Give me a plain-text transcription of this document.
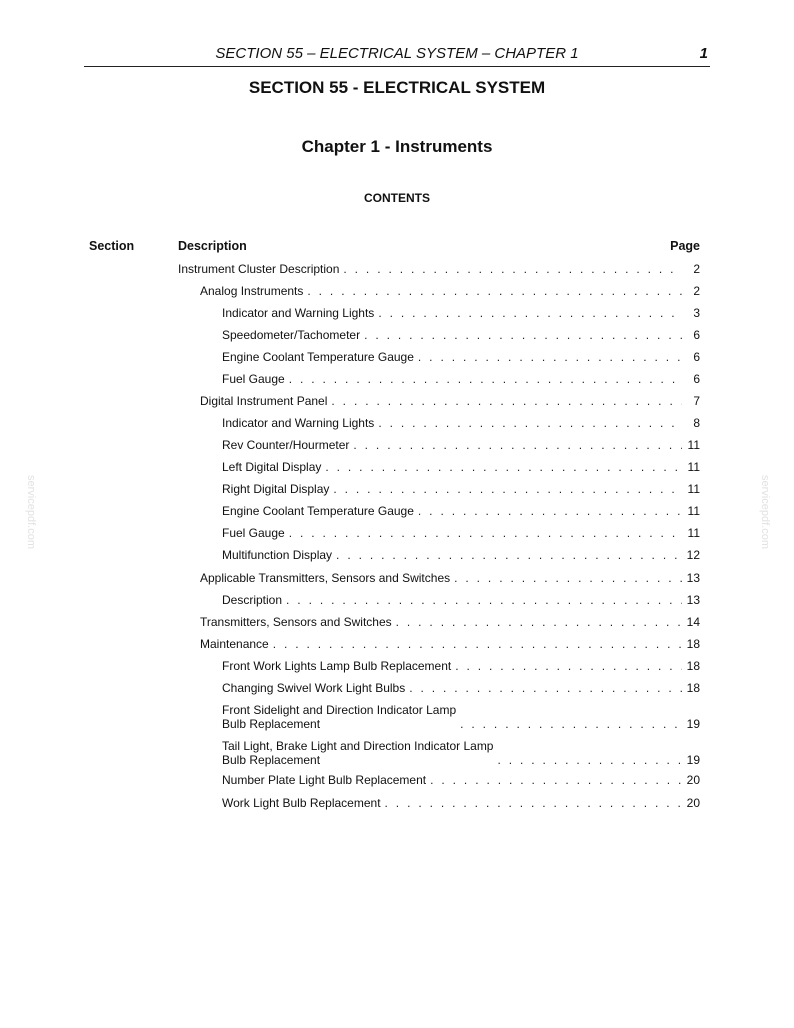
SECTION 55 – ELECTRICAL SYSTEM – CHAPTER 1	1
SECTION 55 - ELECTRICAL SYSTEM
Chapter 1 - Instruments
CONTENTS
Section	Description	Page
Instrument Cluster Description . . .	2
Analog Instruments . . .	2
Indicator and Warning Lights . . .	3
Speedometer/Tachometer . . .	6
Engine Coolant Temperature Gauge . . .	6
Fuel Gauge . . .	6
Digital Instrument Panel . . .	7
Indicator and Warning Lights . . .	8
Rev Counter/Hourmeter . . .	11
Left Digital Display . . .	11
Right Digital Display . . .	11
Engine Coolant Temperature Gauge . . .	11
Fuel Gauge . . .	11
Multifunction Display . . .	12
Applicable Transmitters, Sensors and Switches . . .	13
Description . . .	13
Transmitters, Sensors and Switches . . .	14
Maintenance . . .	18
Front Work Lights Lamp Bulb Replacement . . .	18
Changing Swivel Work Light Bulbs . . .	18
Front Sidelight and Direction Indicator Lamp
Bulb Replacement . . .	19
Tail Light, Brake Light and Direction Indicator Lamp
Bulb Replacement . . .	19
Number Plate Light Bulb Replacement . . .	20
Work Light Bulb Replacement . . .	20
servicepdf.com	servicepdf.com
